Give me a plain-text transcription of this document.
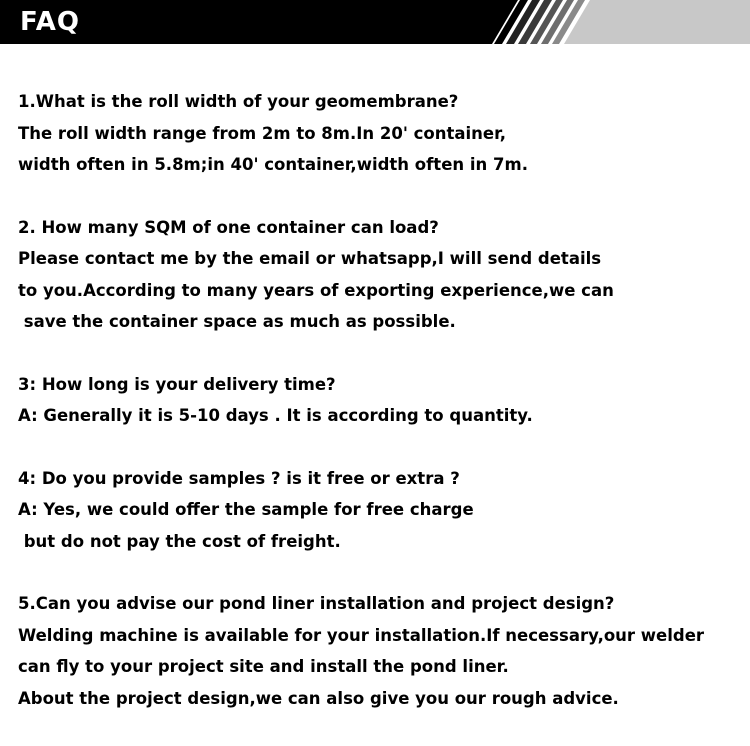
FAQ
1.What is the roll width of your geomembrane?
The roll width range from 2m to 8m.In 20' container,
width often in 5.8m;in 40' container,width often in 7m.
2. How many SQM of one container can load?
Please contact me by the email or whatsapp,I will send details
to you.According to many years of exporting experience,we can
save the container space as much as possible.
3: How long is your delivery time?
A: Generally it is 5-10 days . It is according to quantity.
4: Do you provide samples ? is it free or extra ?
A: Yes, we could offer the sample for free charge
but do not pay the cost of freight.
5.Can you advise our pond liner installation and project design?
Welding machine is available for your installation.If necessary,our welder
can fly to your project site and install the pond liner.
About the project design,we can also give you our rough advice.
